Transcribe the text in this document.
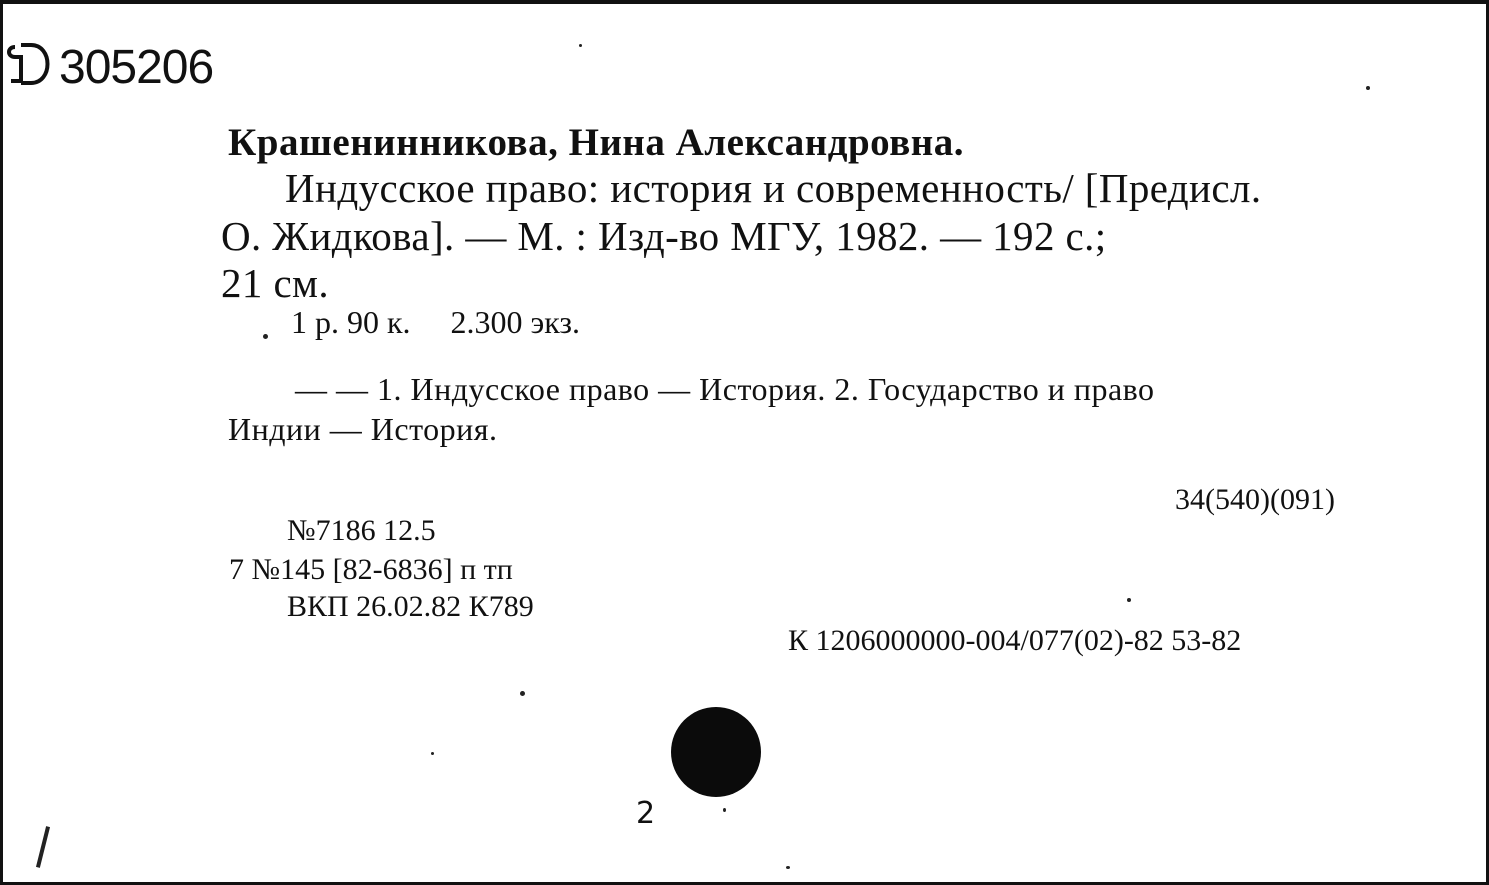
305206
Крашенинникова, Нина Александровна.
Индусское право: история и современность/ [Предисл.
О. Жидкова]. — М. : Изд-во МГУ, 1982. — 192 с.;
21 см.
1 р. 90 к. 2.300 экз.
— — 1. Индусское право — История. 2. Государство и право
Индии — История.
34(540)(091)
№7186 12.5
7 №145 [82-6836] п тп
ВКП 26.02.82 К789
К 1206000000-004/077(02)-82 53-82
2
